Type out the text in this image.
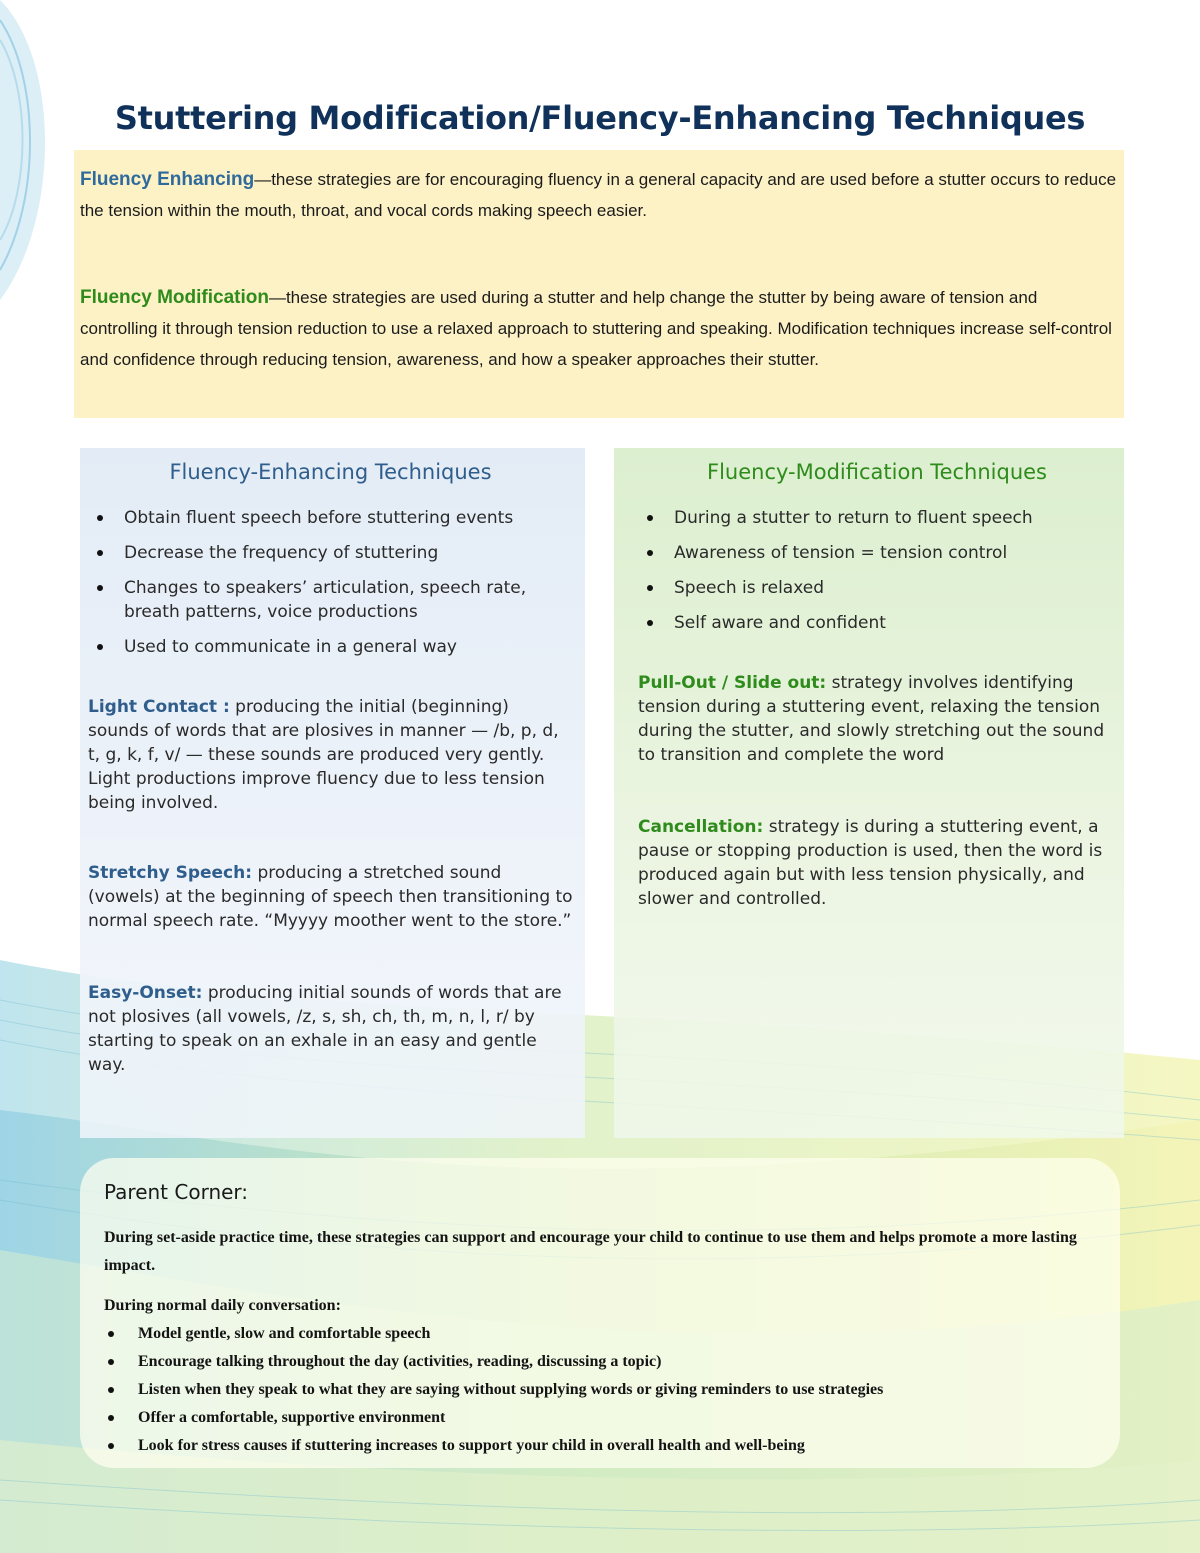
Stuttering Modification/Fluency-Enhancing Techniques

Fluency Enhancing—these strategies are for encouraging fluency in a general capacity and are used before a stutter occurs to reduce the tension within the mouth, throat, and vocal cords making speech easier.

Fluency Modification—these strategies are used during a stutter and help change the stutter by being aware of tension and controlling it through tension reduction to use a relaxed approach to stuttering and speaking. Modification techniques increase self-control and confidence through reducing tension, awareness, and how a speaker approaches their stutter.

Fluency-Enhancing Techniques
Obtain fluent speech before stuttering events
Decrease the frequency of stuttering
Changes to speakers’ articulation, speech rate, breath patterns, voice productions
Used to communicate in a general way

Light Contact : producing the initial (beginning) sounds of words that are plosives in manner — /b, p, d, t, g, k, f, v/ — these sounds are produced very gently. Light productions improve fluency due to less tension being involved.

Stretchy Speech: producing a stretched sound (vowels) at the beginning of speech then transitioning to normal speech rate. “Myyyy moother went to the store.”

Easy-Onset: producing initial sounds of words that are not plosives (all vowels, /z, s, sh, ch, th, m, n, l, r/ by starting to speak on an exhale in an easy and gentle way.

Fluency-Modification Techniques
During a stutter to return to fluent speech
Awareness of tension = tension control
Speech is relaxed
Self aware and confident

Pull-Out / Slide out: strategy involves identifying tension during a stuttering event, relaxing the tension during the stutter, and slowly stretching out the sound to transition and complete the word

Cancellation: strategy is during a stuttering event, a pause or stopping production is used, then the word is produced again but with less tension physically, and slower and controlled.

Parent Corner:

During set-aside practice time, these strategies can support and encourage your child to continue to use them and helps promote a more lasting impact.

During normal daily conversation:

Model gentle, slow and comfortable speech
Encourage talking throughout the day (activities, reading, discussing a topic)
Listen when they speak to what they are saying without supplying words or giving reminders to use strategies
Offer a comfortable, supportive environment
Look for stress causes if stuttering increases to support your child in overall health and well-being
